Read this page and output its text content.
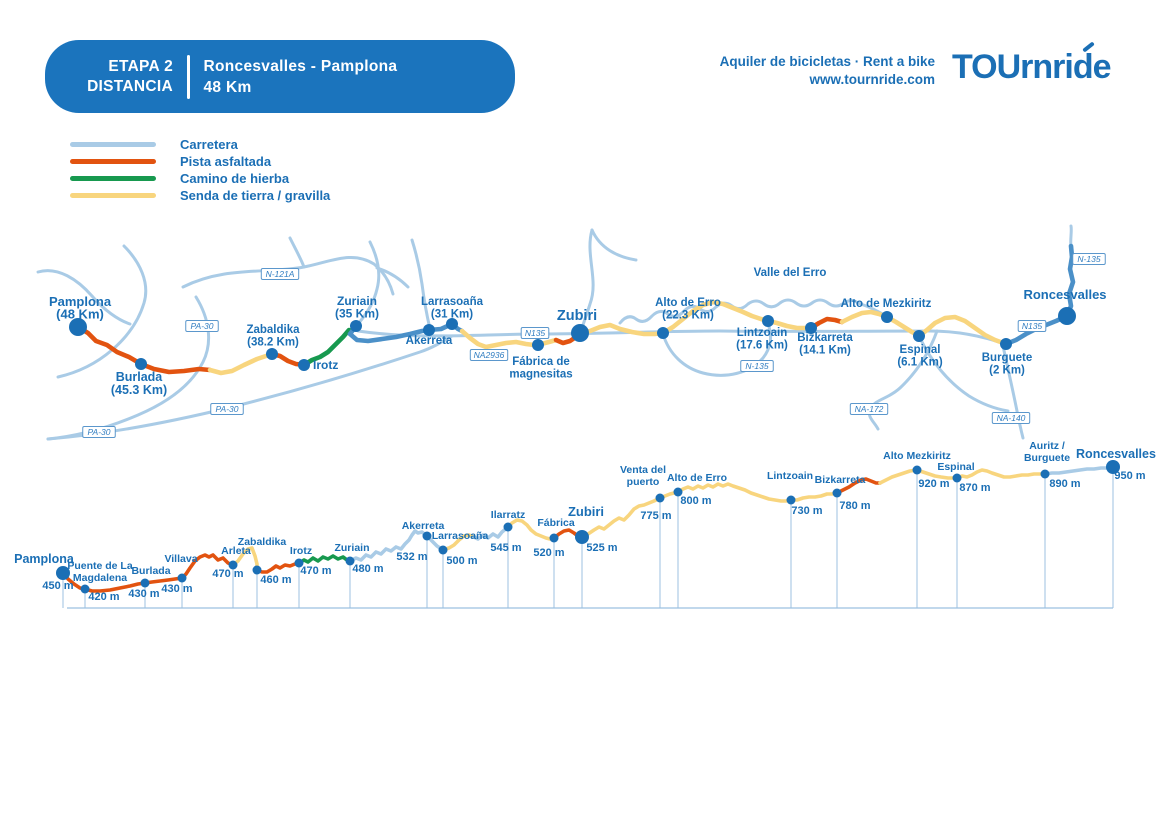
ETAPA 2
DISTANCIA
Roncesvalles - Pamplona
48 Km
Aquiler de bicicletas · Rent a bike
www.tournride.com TOUrnride
Carretera
Pista asfaltada
Camino de hierba
Senda de tierra / gravilla
N-121A
PA-30
PA-30
PA-30
N135
NA2936
N-135
NA-172
NA-140
N135
N-135
Valle del Erro
Pamplona
(48 Km)
Burlada
(45.3 Km)
Zabaldika
(38.2 Km)
Irotz
Zuriain
(35 Km)
Akerreta
Larrasoaña
(31 Km)
Fábrica de
magnesitas
Zubiri
Alto de Erro
(22.3 Km)
Lintzoain
(17.6 Km)
Bizkarreta
(14.1 Km)
Alto de Mezkiritz
Espinal
(6.1 Km)	Burguete
(2 Km)
Roncesvalles
Pamplona
450 m
Puente de La
Magdalena
420 m
Burlada
430 m
Villava
430 m
Arleta
470 m
Zabaldika
460 m
Irotz
470 m
Zuriain
480 m
Akerreta
532 m
Larrasoaña
500 m
Ilarratz
545 m
Fábrica
520 m
Zubiri
525 m
Venta del
puerto
775 m
Alto de Erro
800 m
Lintzoain
730 m
Bizkarreta
780 m
Alto Mezkiritz
920 m
Espinal
870 m
Auritz /
Burguete
890 m
Roncesvalles
950 m
